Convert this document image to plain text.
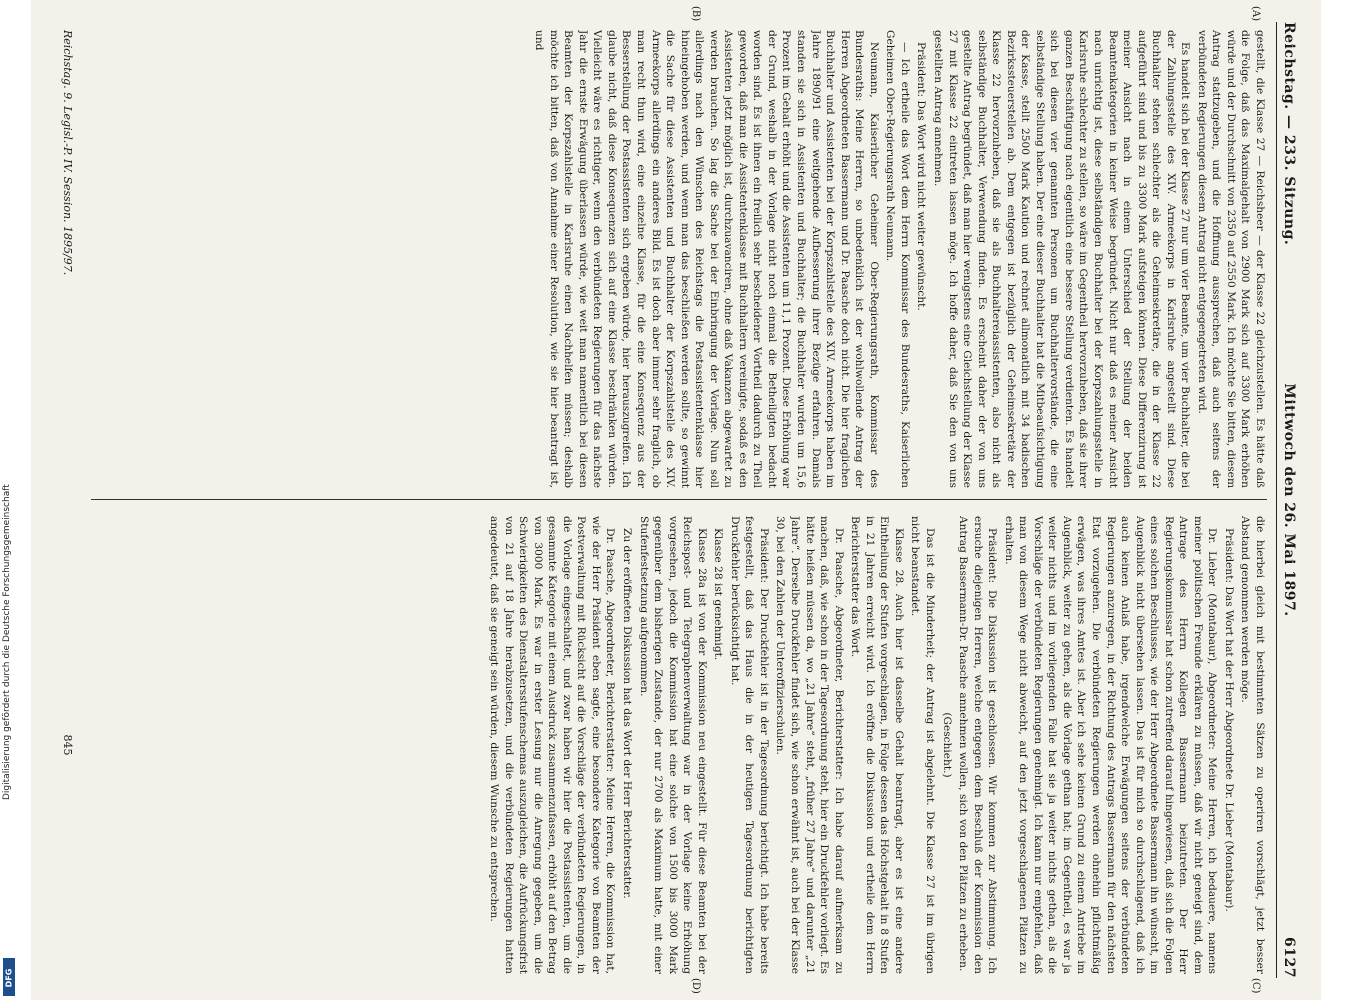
Reichstag. — 233. Sitzung.
Mittwoch den 26. Mai 1897.
6127
(A)
(B)
(C)
(D)

gestellt, die Klasse 27 — Reichsheer — der Klasse 22 gleichzustellen. Es hätte daß die Folge, daß das Maximalgehalt von 2900 Mark sich auf 3300 Mark erhöhen würde und der Durchschnitt von 2350 auf 2550 Mark. Ich möchte Sie bitten, diesem Antrag stattzugeben, und die Hoffnung aussprechen, daß auch seitens der verbündeten Regierungen diesem Antrag nicht entgegengetreten wird.

Es handelt sich bei der Klasse 27 nur um vier Beamte, um vier Buchhalter, die bei der Zahlungsstelle des XIV. Armeekorps in Karlsruhe angestellt sind. Diese Buchhalter stehen schlechter als die Geheimsekretäre, die in der Klasse 22 aufgeführt sind und bis zu 3300 Mark aufsteigen können. Diese Differenzirung ist meiner Ansicht nach in einem Unterschied der Stellung der beiden Beamtenkategorien in keiner Weise begründet. Nicht nur daß es meiner Ansicht nach unrichtig ist, diese selbständigen Buchhalter bei der Korpszahlungsstelle in Karlsruhe schlechter zu stellen, so wäre im Gegentheil hervorzuheben, daß sie ihrer ganzen Beschäftigung nach eigentlich eine bessere Stellung verdienten. Es handelt sich bei diesen vier genannten Personen um Buchhaltervorstände, die eine selbständige Stellung haben. Der eine dieser Buchhalter hat die Mitbeaufsichtigung der Kasse, stellt 2500 Mark Kaution und rechnet allmonatlich mit 34 badischen Bezirkssteuerstellen ab. Dem entgegen ist bezüglich der Geheimsekretäre der Klasse 22 hervorzuheben, daß sie als Buchhaltereiassistenten, also nicht als selbständige Buchhalter, Verwendung finden. Es erscheint daher der von uns gestellte Antrag begründet, daß man hier wenigstens eine Gleichstellung der Klasse 27 mit Klasse 22 eintreten lassen möge. Ich hoffe daher, daß Sie den von uns gestellten Antrag annehmen.

Präsident: Das Wort wird nicht weiter gewünscht.

— Ich ertheile das Wort dem Herrn Kommissar des Bundesraths, Kaiserlichen Geheimen Ober-Regierungsrath Neumann.

Neumann, Kaiserlicher Geheimer Ober-Regierungsrath, Kommissar des Bundesraths: Meine Herren, so unbedenklich ist der wohlwollende Antrag der Herren Abgeordneten Bassermann und Dr. Paasche doch nicht. Die hier fraglichen Buchhalter und Assistenten bei der Korpszahlstelle des XIV. Armeekorps haben im Jahre 1890/91 eine weitgehende Aufbesserung ihrer Bezüge erfahren. Damals standen sie sich in Assistenten und Buchhalter; die Buchhalter wurden um 15,6 Prozent im Gehalt erhöht und die Assistenten um 11,1 Prozent. Diese Erhöhung war der Grund, weshalb in der Vorlage nicht noch einmal die Betheiligten bedacht worden sind. Es ist ihnen ein freilich sehr bescheidener Vortheil dadurch zu Theil geworden, daß man die Assistentenklasse mit Buchhaltern vereinigte, sodaß es den Assistenten jetzt möglich ist, durchzuavanciren, ohne daß Vakanzen abgewartet zu werden brauchen. So lag die Sache bei der Einbringung der Vorlage. Nun soll allerdings nach den Wünschen des Reichstags die Postassistentenklasse hier hineingehoben werden, und wenn man das beschließen werden sollte, so gewinnt die Sache für diese Assistenten und Buchhalter der Korpszahlstelle des XIV. Armeekorps allerdings ein anderes Bild. Es ist doch aber immer sehr fraglich, ob man recht thun wird, eine einzelne Klasse, für die eine Konsequenz aus der Besserstellung der Postassistenten sich ergeben würde, hier herauszugreifen. Ich glaube nicht, daß diese Konsequenzen sich auf eine Klasse beschränken würden. Vielleicht wäre es richtiger, wenn den verbündeten Regierungen für das nächste Jahr die ernste Erwägung überlassen würde, wie weit man namentlich bei diesen Beamten der Korpszahlstelle in Karlsruhe einen Nachhelfen müssen; deshalb möchte ich bitten, daß von Annahme einer Resolution, wie sie hier beantragt ist, und

die hierbei gleich mit bestimmten Sätzen zu operiren vorschlägt, jetzt besser Abstand genommen werden möge.

Präsident: Das Wort hat der Herr Abgeordnete Dr. Lieber (Montabaur).

Dr. Lieber (Montabaur), Abgeordneter: Meine Herren, ich bedauere, namens meiner politischen Freunde erklären zu müssen, daß wir nicht geneigt sind, dem Antrage des Herrn Kollegen Bassermann beizutreten. Der Herr Regierungskommissar hat schon zutreffend darauf hingewiesen, daß sich die Folgen eines solchen Beschlusses, wie der Herr Abgeordnete Bassermann ihn wünscht, im Augenblick nicht übersehen lassen. Das ist für mich so durchschlagend, daß ich auch keinen Anlaß habe, irgendwelche Erwägungen seitens der verbündeten Regierungen anzuregen, in der Richtung des Antrags Bassermann für den nächsten Etat vorzugehen. Die verbündeten Regierungen werden ohnehin pflichtmäßig erwägen, was ihres Amtes ist. Aber ich sehe keinen Grund zu einem Antriebe im Augenblick, weiter zu gehen, als die Vorlage gethan hat; im Gegentheil, es war ja weiter nichts und im vorliegenden Falle hat sie ja weiter nichts gethan, als die Vorschläge der verbündeten Regierungen genehmigt. Ich kann nur empfehlen, daß man von diesem Wege nicht abweicht, auf den jetzt vorgeschlagenen Plätzen zu erhalten.

Präsident: Die Diskussion ist geschlossen. Wir kommen zur Abstimmung. Ich ersuche diejenigen Herren, welche entgegen dem Beschluß der Kommission den Antrag Bassermann-Dr. Paasche annehmen wollen, sich von den Plätzen zu erheben.

(Geschieht.)

Das ist die Minderheit; der Antrag ist abgelehnt. Die Klasse 27 ist im übrigen nicht beanstandet.

Klasse 28. Auch hier ist dasselbe Gehalt beantragt, aber es ist eine andere Eintheilung der Stufen vorgeschlagen, in Folge dessen das Höchstgehalt in 8 Stufen in 21 Jahren erreicht wird. Ich eröffne die Diskussion und ertheile dem Herrn Berichterstatter das Wort.

Dr. Paasche, Abgeordneter, Berichterstatter: Ich habe darauf aufmerksam zu machen, daß, wie schon in der Tagesordnung steht, hier ein Druckfehler vorliegt. Es hätte heißen müssen da, wo „21 Jahre“ steht, „früher 27 Jahre“ und darunter „21 Jahre“. Derselbe Druckfehler findet sich, wie schon erwähnt ist, auch bei der Klasse 30, bei den Zahlen der Unteroffizierschulen.

Präsident: Der Druckfehler ist in der Tagesordnung berichtigt. Ich habe bereits festgestellt, daß das Haus die in der heutigen Tagesordnung berichtigten Druckfehler berücksichtigt hat.

Klasse 28 ist genehmigt.

Klasse 28a ist von der Kommission neu eingestellt. Für diese Beamten bei der Reichspost- und Telegraphenverwaltung war in der Vorlage keine Erhöhung vorgesehen, jedoch die Kommission hat eine solche von 1500 bis 3000 Mark gegenüber dem bisherigen Zustande, der nur 2700 als Maximum hatte, mit einer Stufenfestsetzung aufgenommen.

Zu der eröffneten Diskussion hat das Wort der Herr Berichterstatter.

Dr. Paasche, Abgeordneter, Berichterstatter: Meine Herren, die Kommission hat, wie der Herr Präsident eben sagte, eine besondere Kategorie von Beamten der Postverwaltung mit Rücksicht auf die Vorschläge der verbündeten Regierungen, in die Vorlage eingeschaltet, und zwar haben wir hier die Postassistenten, um die gesammte Kategorie mit einem Ausdruck zusammenzufassen, erhöht auf den Betrag von 3000 Mark. Es war in erster Lesung nur die Anregung gegeben, um die Schwierigkeiten des Dienstaltersstufenschemas auszugleichen, die Aufrückungsfrist von 21 auf 18 Jahre herabzusetzen, und die verbündeten Regierungen hatten angedeutet, daß sie geneigt sein würden, diesem Wunsche zu entsprechen.

Reichstag. 9. Legisl.-P. IV. Session. 1895/97.
845
Digitalisierung gefördert durch die Deutsche Forschungsgemeinschaft
DFG
